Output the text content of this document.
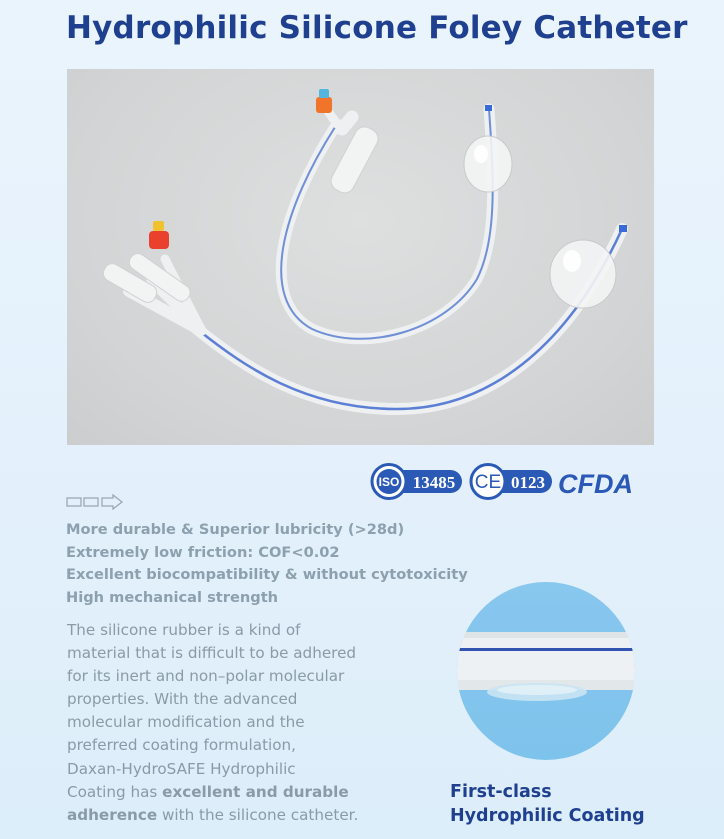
Hydrophilic Silicone Foley Catheter
ISO 13485 CE 0123 CFDA
More durable & Superior lubricity (>28d)
Extremely low friction: COF<0.02
Excellent biocompatibility & without cytotoxicity
High mechanical strength
The silicone rubber is a kind of
material that is difficult to be adhered
for its inert and non–polar molecular
properties. With the advanced
molecular modification and the
preferred coating formulation,
Daxan-HydroSAFE Hydrophilic
Coating has excellent and durable
adherence with the silicone catheter.
First-class
Hydrophilic Coating
